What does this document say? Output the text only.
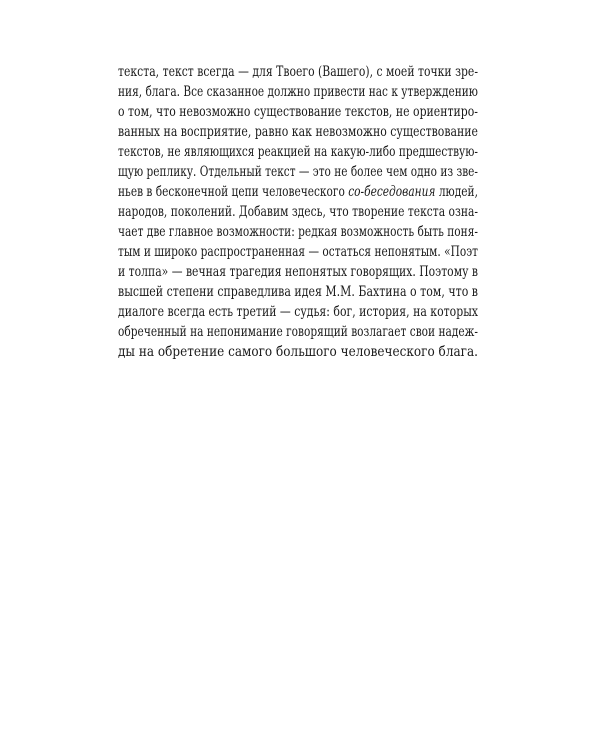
текста, текст всегда — для Твоего (Вашего), с моей точки зре-
ния, блага. Все сказанное должно привести нас к утверждению
о том, что невозможно существование текстов, не ориентиро-
ванных на восприятие, равно как невозможно существование
текстов, не являющихся реакцией на какую-либо предшествую-
щую реплику. Отдельный текст — это не более чем одно из зве-
ньев в бесконечной цепи человеческого со-беседования людей,
народов, поколений. Добавим здесь, что творение текста озна-
чает две главное возможности: редкая возможность быть поня-
тым и широко распространенная — остаться непонятым. «Поэт
и толпа» — вечная трагедия непонятых говорящих. Поэтому в
высшей степени справедлива идея М.М. Бахтина о том, что в
диалоге всегда есть третий — судья: бог, история, на которых
обреченный на непонимание говорящий возлагает свои надеж-
ды на обретение самого большого человеческого блага.
